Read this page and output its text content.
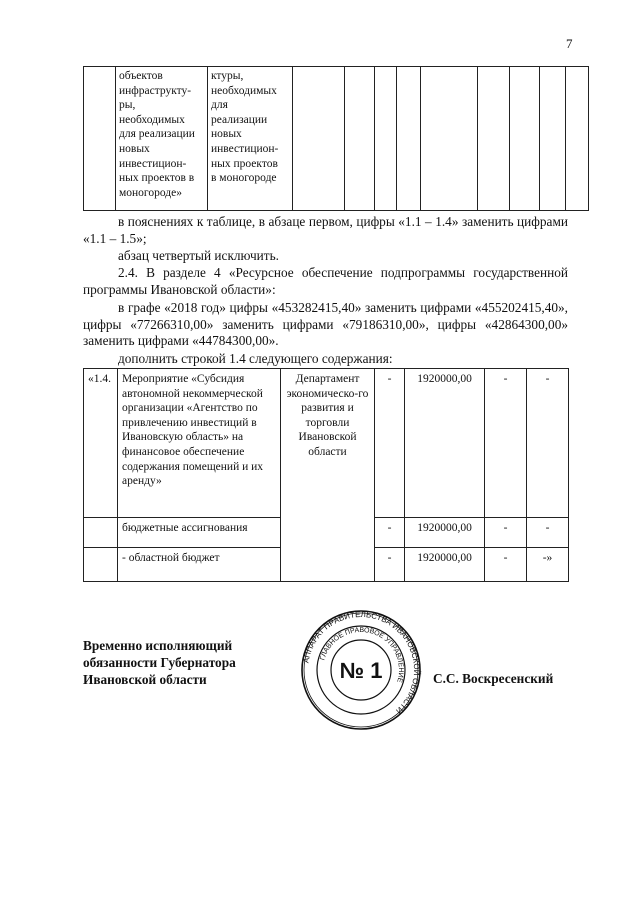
7
	объектов
инфраструкту-
ры,
необходимых
для реализации
новых
инвестицион-
ных проектов в
моногороде»	ктуры,
необходимых
для
реализации
новых
инвестицион-
ных проектов
в моногороде									
в пояснениях к таблице, в абзаце первом, цифры «1.1 – 1.4» заменить цифрами «1.1 – 1.5»;
абзац четвертый исключить.
2.4. В разделе 4 «Ресурсное обеспечение подпрограммы государственной программы Ивановской области»:
в графе «2018 год» цифры «453282415,40» заменить цифрами «455202415,40», цифры «77266310,00» заменить цифрами «79186310,00», цифры «42864300,00» заменить цифрами «44784300,00».
дополнить строкой 1.4 следующего содержания:
«1.4.	Мероприятие «Субсидия автономной некоммерческой организации «Агентство по привлечению инвестиций в Ивановскую область» на финансовое обеспечение содержания помещений и их аренду»	Департамент экономическо-го развития и торговли Ивановской области	-	1920000,00	-	-
	бюджетные ассигнования		-	1920000,00	-	-
	- областной бюджет		-	1920000,00	-	-»
Временно исполняющий
обязанности Губернатора
Ивановской области
АППАРАТ ПРАВИТЕЛЬСТВА ИВАНОВСКОЙ ОБЛАСТИ
ГЛАВНОЕ ПРАВОВОЕ УПРАВЛЕНИЕ
№ 1	С.С. Воскресенский
